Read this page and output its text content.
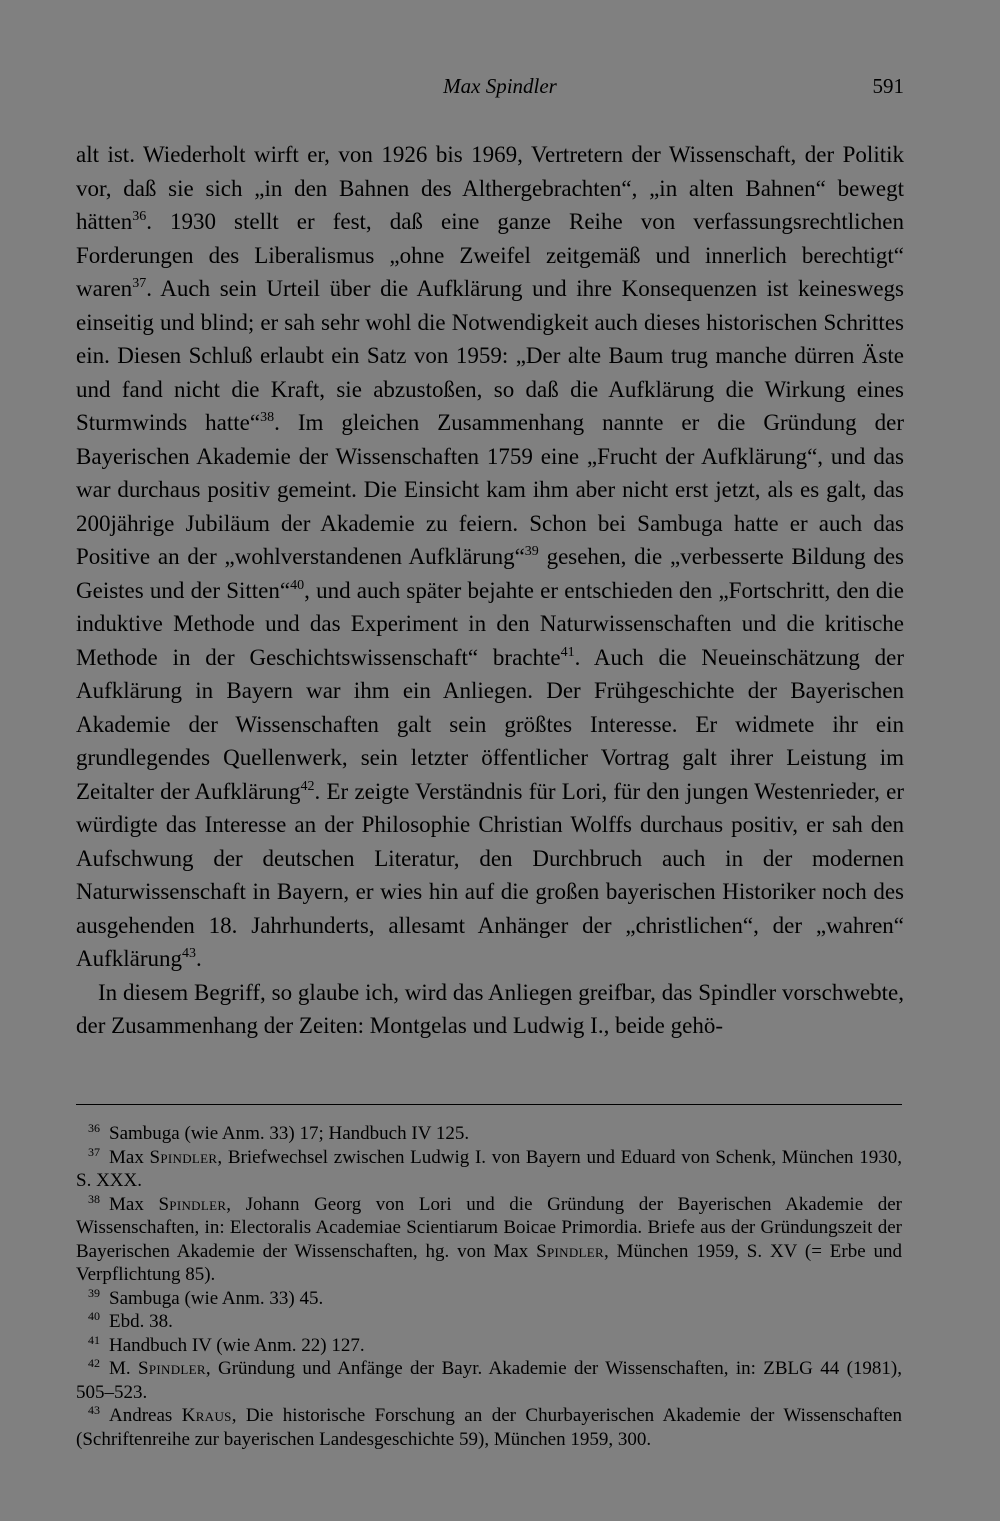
Max Spindler	591

alt ist. Wiederholt wirft er, von 1926 bis 1969, Vertretern der Wissenschaft, der Politik vor, daß sie sich „in den Bahnen des Althergebrachten“, „in alten Bahnen“ bewegt hätten$^{36}$. 1930 stellt er fest, daß eine ganze Reihe von verfassungsrechtlichen Forderungen des Liberalismus „ohne Zweifel zeitgemäß und innerlich berechtigt“ waren$^{37}$. Auch sein Urteil über die Aufklärung und ihre Konsequenzen ist keineswegs einseitig und blind; er sah sehr wohl die Notwendigkeit auch dieses historischen Schrittes ein. Diesen Schluß erlaubt ein Satz von 1959: „Der alte Baum trug manche dürren Äste und fand nicht die Kraft, sie abzustoßen, so daß die Aufklärung die Wirkung eines Sturmwinds hatte“$^{38}$. Im gleichen Zusammenhang nannte er die Gründung der Bayerischen Akademie der Wissenschaften 1759 eine „Frucht der Aufklärung“, und das war durchaus positiv gemeint. Die Einsicht kam ihm aber nicht erst jetzt, als es galt, das 200jährige Jubiläum der Akademie zu feiern. Schon bei Sambuga hatte er auch das Positive an der „wohlverstandenen Aufklärung“$^{39}$ gesehen, die „verbesserte Bildung des Geistes und der Sitten“$^{40}$, und auch später bejahte er entschieden den „Fortschritt, den die induktive Methode und das Experiment in den Naturwissenschaften und die kritische Methode in der Geschichtswissenschaft“ brachte$^{41}$. Auch die Neueinschätzung der Aufklärung in Bayern war ihm ein Anliegen. Der Frühgeschichte der Bayerischen Akademie der Wissenschaften galt sein größtes Interesse. Er widmete ihr ein grundlegendes Quellenwerk, sein letzter öffentlicher Vortrag galt ihrer Leistung im Zeitalter der Aufklärung$^{42}$. Er zeigte Verständnis für Lori, für den jungen Westenrieder, er würdigte das Interesse an der Philosophie Christian Wolffs durchaus positiv, er sah den Aufschwung der deutschen Literatur, den Durchbruch auch in der modernen Naturwissenschaft in Bayern, er wies hin auf die großen bayerischen Historiker noch des ausgehenden 18. Jahrhunderts, allesamt Anhänger der „christlichen“, der „wahren“ Aufklärung$^{43}$.

In diesem Begriff, so glaube ich, wird das Anliegen greifbar, das Spindler vorschwebte, der Zusammenhang der Zeiten: Montgelas und Ludwig I., beide gehö-

$^{36}$ Sambuga (wie Anm. 33) 17; Handbuch IV 125.

$^{37}$ Max Spindler, Briefwechsel zwischen Ludwig I. von Bayern und Eduard von Schenk, München 1930, S. XXX.

$^{38}$ Max Spindler, Johann Georg von Lori und die Gründung der Bayerischen Akademie der Wissenschaften, in: Electoralis Academiae Scientiarum Boicae Primordia. Briefe aus der Gründungszeit der Bayerischen Akademie der Wissenschaften, hg. von Max Spindler, München 1959, S. XV (= Erbe und Verpflichtung 85).

$^{39}$ Sambuga (wie Anm. 33) 45.

$^{40}$ Ebd. 38.

$^{41}$ Handbuch IV (wie Anm. 22) 127.

$^{42}$ M. Spindler, Gründung und Anfänge der Bayr. Akademie der Wissenschaften, in: ZBLG 44 (1981), 505–523.

$^{43}$ Andreas Kraus, Die historische Forschung an der Churbayerischen Akademie der Wissenschaften (Schriftenreihe zur bayerischen Landesgeschichte 59), München 1959, 300.
